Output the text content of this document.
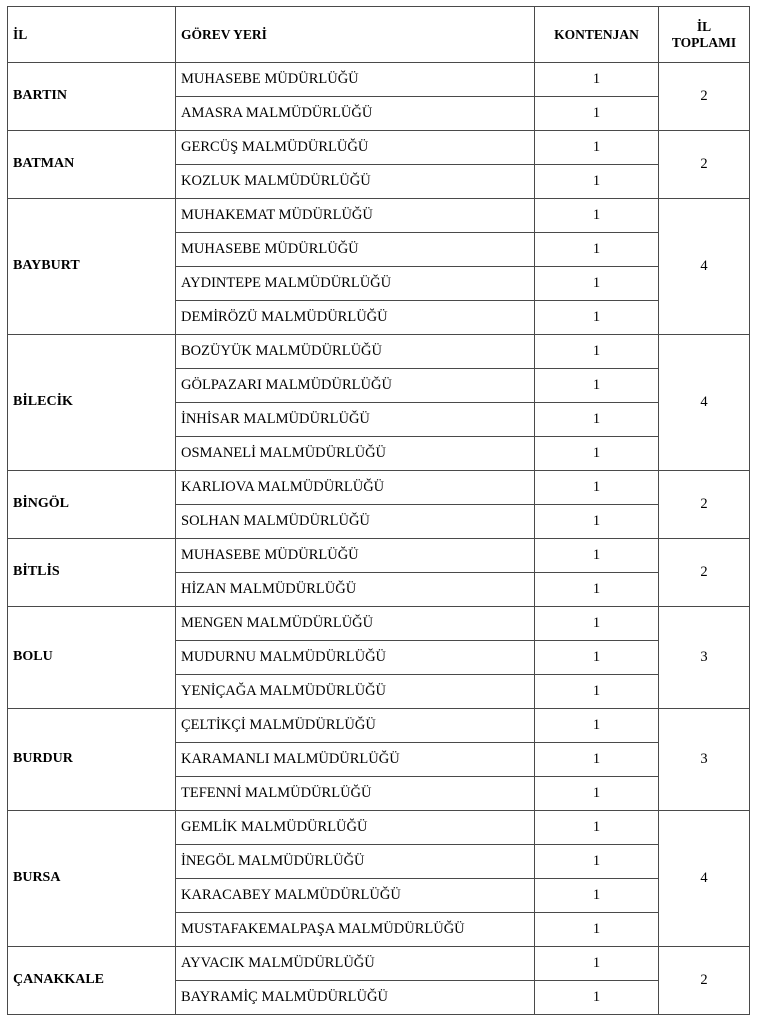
İL	GÖREV YERİ	KONTENJAN	İL
TOPLAMI
BARTIN	MUHASEBE MÜDÜRLÜĞÜ	1	2
	AMASRA MALMÜDÜRLÜĞÜ	1	
BATMAN	GERCÜŞ MALMÜDÜRLÜĞÜ	1	2
	KOZLUK MALMÜDÜRLÜĞÜ	1	
BAYBURT	MUHAKEMAT MÜDÜRLÜĞÜ	1	4
	MUHASEBE MÜDÜRLÜĞÜ	1	
	AYDINTEPE MALMÜDÜRLÜĞÜ	1	
	DEMİRÖZÜ MALMÜDÜRLÜĞÜ	1	
BİLECİK	BOZÜYÜK MALMÜDÜRLÜĞÜ	1	4
	GÖLPAZARI MALMÜDÜRLÜĞÜ	1	
	İNHİSAR MALMÜDÜRLÜĞÜ	1	
	OSMANELİ MALMÜDÜRLÜĞÜ	1	
BİNGÖL	KARLIOVA MALMÜDÜRLÜĞÜ	1	2
	SOLHAN MALMÜDÜRLÜĞÜ	1	
BİTLİS	MUHASEBE MÜDÜRLÜĞÜ	1	2
	HİZAN MALMÜDÜRLÜĞÜ	1	
BOLU	MENGEN MALMÜDÜRLÜĞÜ	1	3
	MUDURNU MALMÜDÜRLÜĞÜ	1	
	YENİÇAĞA MALMÜDÜRLÜĞÜ	1	
BURDUR	ÇELTİKÇİ MALMÜDÜRLÜĞÜ	1	3
	KARAMANLI MALMÜDÜRLÜĞÜ	1	
	TEFENNİ MALMÜDÜRLÜĞÜ	1	
BURSA	GEMLİK MALMÜDÜRLÜĞÜ	1	4
	İNEGÖL MALMÜDÜRLÜĞÜ	1	
	KARACABEY MALMÜDÜRLÜĞÜ	1	
	MUSTAFAKEMALPAŞA MALMÜDÜRLÜĞÜ	1	
ÇANAKKALE	AYVACIK MALMÜDÜRLÜĞÜ	1	2
	BAYRAMİÇ MALMÜDÜRLÜĞÜ	1	
